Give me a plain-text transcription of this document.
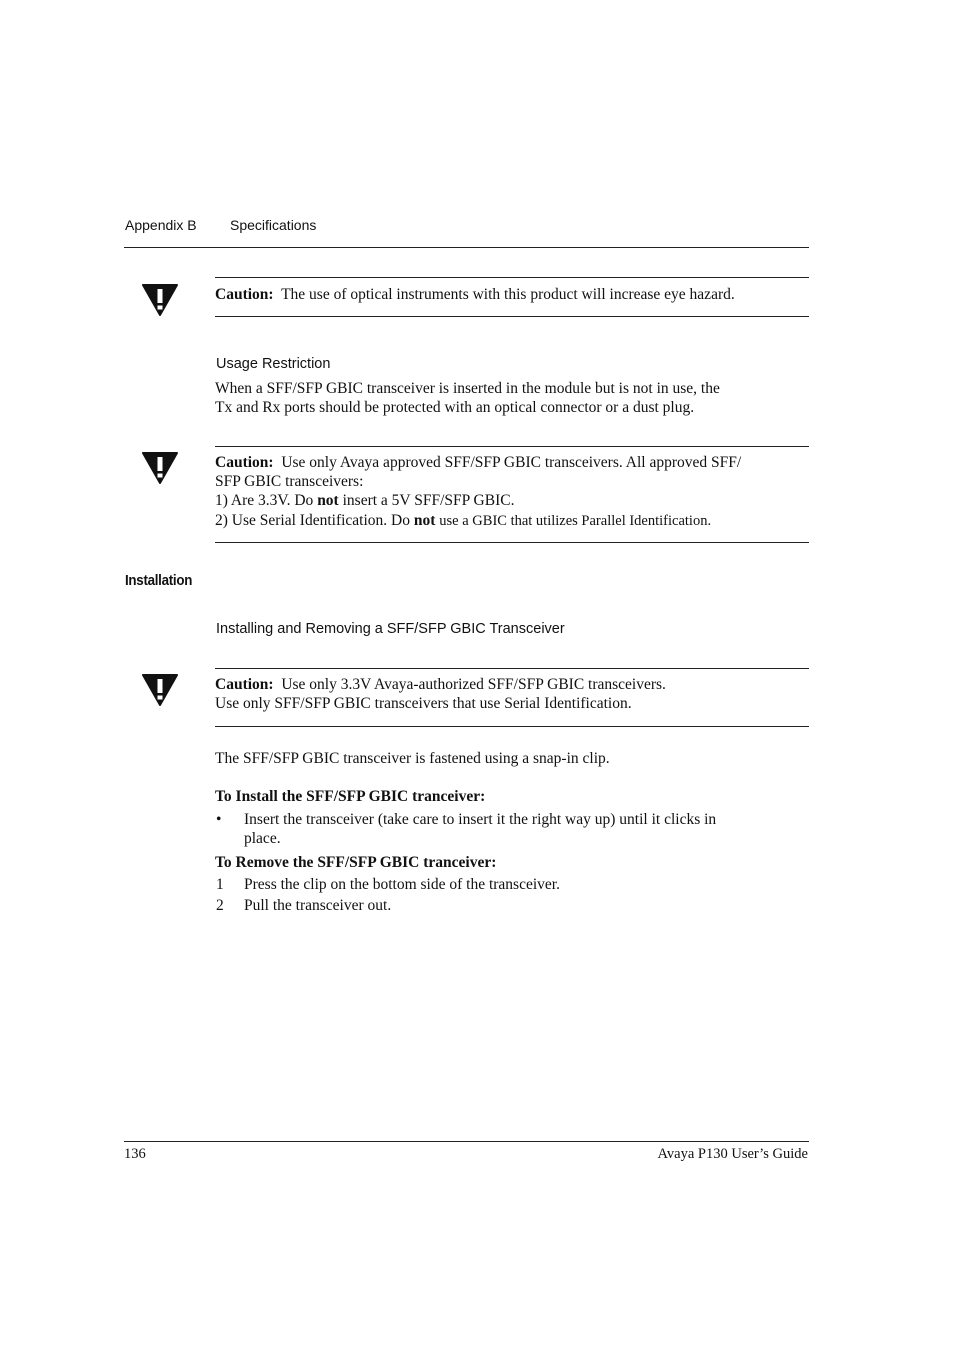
Appendix B Specifications
Caution: The use of optical instruments with this product will increase eye hazard.
Usage Restriction
When a SFF/SFP GBIC transceiver is inserted in the module but is not in use, the
Tx and Rx ports should be protected with an optical connector or a dust plug.
Caution: Use only Avaya approved SFF/SFP GBIC transceivers. All approved SFF/
SFP GBIC transceivers:
1) Are 3.3V. Do not insert a 5V SFF/SFP GBIC.
2) Use Serial Identification. Do not use a GBIC that utilizes Parallel Identification.
Installation
Installing and Removing a SFF/SFP GBIC Transceiver
Caution: Use only 3.3V Avaya-authorized SFF/SFP GBIC transceivers.
Use only SFF/SFP GBIC transceivers that use Serial Identification.
The SFF/SFP GBIC transceiver is fastened using a snap-in clip.
To Install the SFF/SFP GBIC tranceiver:
• Insert the transceiver (take care to insert it the right way up) until it clicks in
place.
To Remove the SFF/SFP GBIC tranceiver:
1 Press the clip on the bottom side of the transceiver.
2 Pull the transceiver out.
136	Avaya P130 User’s Guide
